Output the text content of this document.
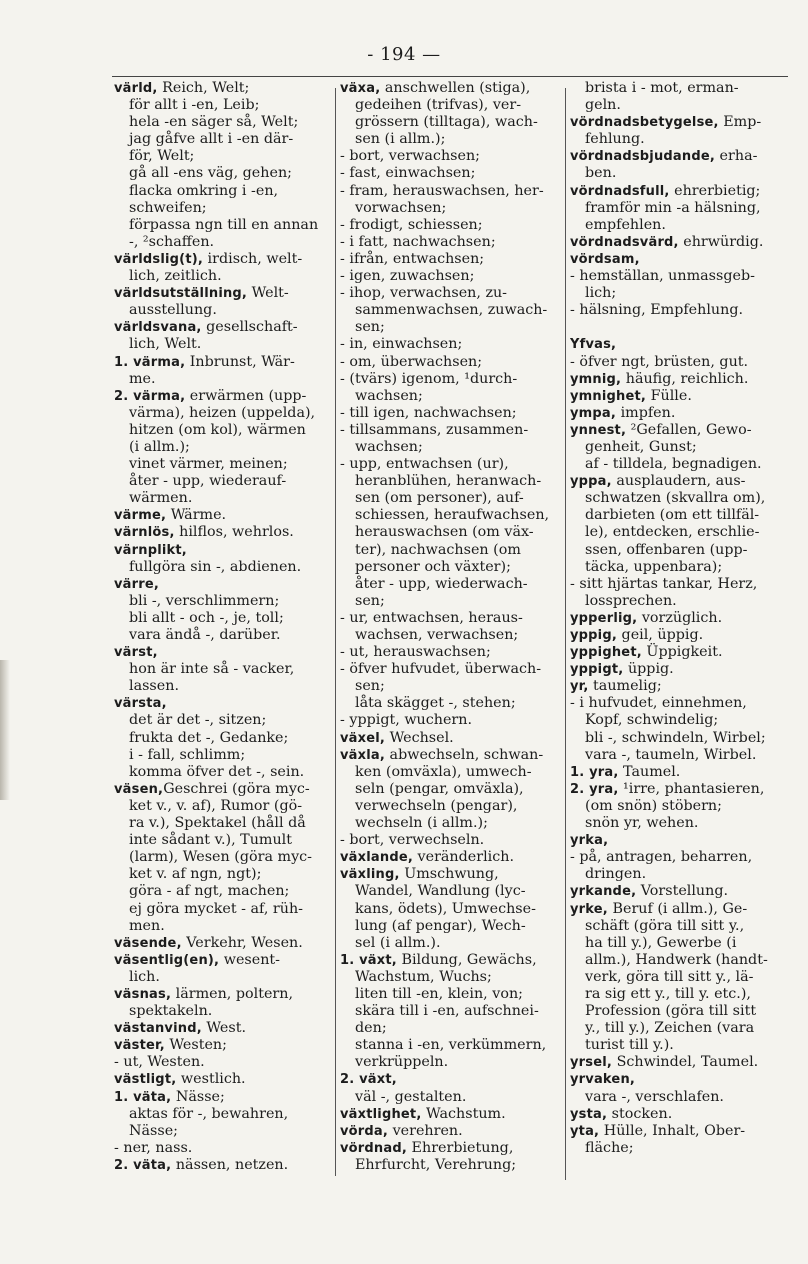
- 194 —
värld, Reich, Welt;
för allt i -en, Leib;
hela -en säger så, Welt;
jag gåfve allt i -en där-
för, Welt;
gå all -ens väg, gehen;
flacka omkring i -en,
schweifen;
förpassa ngn till en annan
-, ²schaffen.
världslig(t), irdisch, welt-
lich, zeitlich.
världsutställning, Welt-
ausstellung.
världsvana, gesellschaft-
lich, Welt.
1. värma, Inbrunst, Wär-
me.
2. värma, erwärmen (upp-
värma), heizen (uppelda),
hitzen (om kol), wärmen
(i allm.);
vinet värmer, meinen;
åter - upp, wiederauf-
wärmen.
värme, Wärme.
värnlös, hilflos, wehrlos.
värnplikt,
fullgöra sin -, abdienen.
värre,
bli -, verschlimmern;
bli allt - och -, je, toll;
vara ändå -, darüber.
värst,
hon är inte så - vacker,
lassen.
värsta,
det är det -, sitzen;
frukta det -, Gedanke;
i - fall, schlimm;
komma öfver det -, sein.
väsen,Geschrei (göra myc-
ket v., v. af), Rumor (gö-
ra v.), Spektakel (håll då
inte sådant v.), Tumult
(larm), Wesen (göra myc-
ket v. af ngn, ngt);
göra - af ngt, machen;
ej göra mycket - af, rüh-
men.
väsende, Verkehr, Wesen.
väsentlig(en), wesent-
lich.
väsnas, lärmen, poltern,
spektakeln.
västanvind, West.
väster, Westen;
- ut, Westen.
västligt, westlich.
1. väta, Nässe;
aktas för -, bewahren,
Nässe;
- ner, nass.
2. väta, nässen, netzen.
växa, anschwellen (stiga),
gedeihen (trifvas), ver-
grössern (tilltaga), wach-
sen (i allm.);
- bort, verwachsen;
- fast, einwachsen;
- fram, herauswachsen, her-
vorwachsen;
- frodigt, schiessen;
- i fatt, nachwachsen;
- ifrån, entwachsen;
- igen, zuwachsen;
- ihop, verwachsen, zu-
sammenwachsen, zuwach-
sen;
- in, einwachsen;
- om, überwachsen;
- (tvärs) igenom, ¹durch-
wachsen;
- till igen, nachwachsen;
- tillsammans, zusammen-
wachsen;
- upp, entwachsen (ur),
heranblühen, heranwach-
sen (om personer), auf-
schiessen, heraufwachsen,
herauswachsen (om väx-
ter), nachwachsen (om
personer och växter);
åter - upp, wiederwach-
sen;
- ur, entwachsen, heraus-
wachsen, verwachsen;
- ut, herauswachsen;
- öfver hufvudet, überwach-
sen;
låta skägget -, stehen;
- yppigt, wuchern.
växel, Wechsel.
växla, abwechseln, schwan-
ken (omväxla), umwech-
seln (pengar, omväxla),
verwechseln (pengar),
wechseln (i allm.);
- bort, verwechseln.
växlande, veränderlich.
växling, Umschwung,
Wandel, Wandlung (lyc-
kans, ödets), Umwechse-
lung (af pengar), Wech-
sel (i allm.).
1. växt, Bildung, Gewächs,
Wachstum, Wuchs;
liten till -en, klein, von;
skära till i -en, aufschnei-
den;
stanna i -en, verkümmern,
verkrüppeln.
2. växt,
väl -, gestalten.
växtlighet, Wachstum.
vörda, verehren.
vördnad, Ehrerbietung,
Ehrfurcht, Verehrung;
brista i - mot, erman-
geln.
vördnadsbetygelse, Emp-
fehlung.
vördnadsbjudande, erha-
ben.
vördnadsfull, ehrerbietig;
framför min -a hälsning,
empfehlen.
vördnadsvärd, ehrwürdig.
vördsam,
- hemställan, unmassgeb-
lich;
- hälsning, Empfehlung.
Yfvas,
- öfver ngt, brüsten, gut.
ymnig, häufig, reichlich.
ymnighet, Fülle.
ympa, impfen.
ynnest, ²Gefallen, Gewo-
genheit, Gunst;
af - tilldela, begnadigen.
yppa, ausplaudern, aus-
schwatzen (skvallra om),
darbieten (om ett tillfäl-
le), entdecken, erschlie-
ssen, offenbaren (upp-
täcka, uppenbara);
- sitt hjärtas tankar, Herz,
lossprechen.
ypperlig, vorzüglich.
yppig, geil, üppig.
yppighet, Üppigkeit.
yppigt, üppig.
yr, taumelig;
- i hufvudet, einnehmen,
Kopf, schwindelig;
bli -, schwindeln, Wirbel;
vara -, taumeln, Wirbel.
1. yra, Taumel.
2. yra, ¹irre, phantasieren,
(om snön) stöbern;
snön yr, wehen.
yrka,
- på, antragen, beharren,
dringen.
yrkande, Vorstellung.
yrke, Beruf (i allm.), Ge-
schäft (göra till sitt y.,
ha till y.), Gewerbe (i
allm.), Handwerk (handt-
verk, göra till sitt y., lä-
ra sig ett y., till y. etc.),
Profession (göra till sitt
y., till y.), Zeichen (vara
turist till y.).
yrsel, Schwindel, Taumel.
yrvaken,
vara -, verschlafen.
ysta, stocken.
yta, Hülle, Inhalt, Ober-
fläche;
